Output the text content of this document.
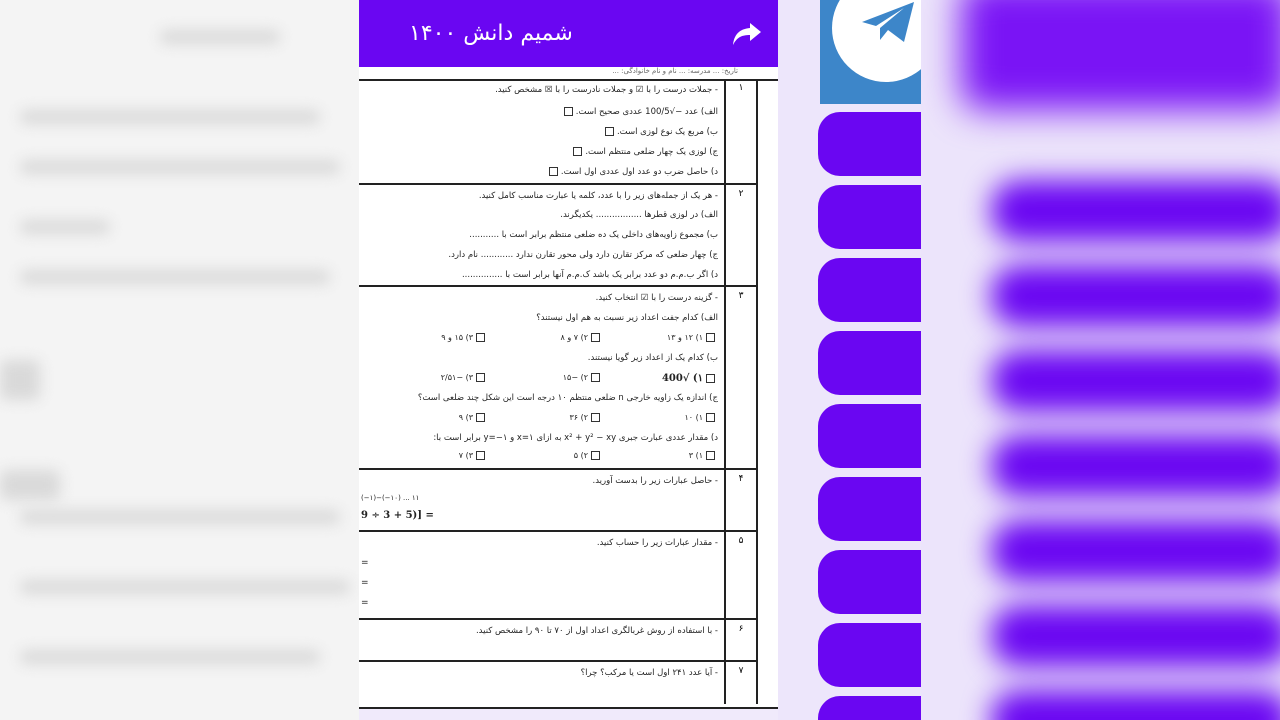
شمیم دانش ۱۴۰۰
تاریخ: ... مدرسه: ... نام و نام خانوادگی: ...
۱
- جملات درست را با ☑ و جملات نادرست را با ☒ مشخص کنید.
الف) عدد −√100/5 عددی صحیح است.
ب) مربع یک نوع لوزی است.
ج) لوزی یک چهار ضلعی منتظم است.
د) حاصل ضرب دو عدد اول عددی اول است.
۲
- هر یک از جمله‌های زیر را با عدد، کلمه یا عبارت مناسب کامل کنید.
الف) در لوزی قطرها ................. یکدیگرند.
ب) مجموع زاویه‌های داخلی یک ده ضلعی منتظم برابر است با ...........
ج) چهار ضلعی که مرکز تقارن دارد ولی محور تقارن ندارد ............ نام دارد.
د) اگر ب.م.م دو عدد برابر یک باشد ک.م.م آنها برابر است با ...............
۳
- گزینه درست را با ☑ انتخاب کنید.
الف) کدام جفت اعداد زیر نسبت به هم اول نیستند؟
۱) ۱۲ و ۱۳
۲) ۷ و ۸
۳) ۱۵ و ۹
ب) کدام یک از اعداد زیر گویا نیستند.
۱) √400
۲) −۱۵
۳) −۲/۵۱
ج) اندازه یک زاویه خارجی n ضلعی منتظم ۱۰ درجه است این شکل چند ضلعی است؟
۱) ۱۰
۲) ۳۶
۳) ۹
د) مقدار عددی عبارت جبری x² + y² − xy به ازای x=۱ و y=−۱ برابر است با:
۱) ۳
۲) ۵
۳) ۷
۴
- حاصل عبارات زیر را بدست آورید.
(−۱)−(−۱۰) ... ۱۱
9 ÷ 3 + 5)] =
۵
- مقدار عبارات زیر را حساب کنید.
=
=
=
۶
- با استفاده از روش غربالگری اعداد اول از ۷۰ تا ۹۰ را مشخص کنید.
۷
- آیا عدد ۲۴۱ اول است یا مرکب؟ چرا؟
